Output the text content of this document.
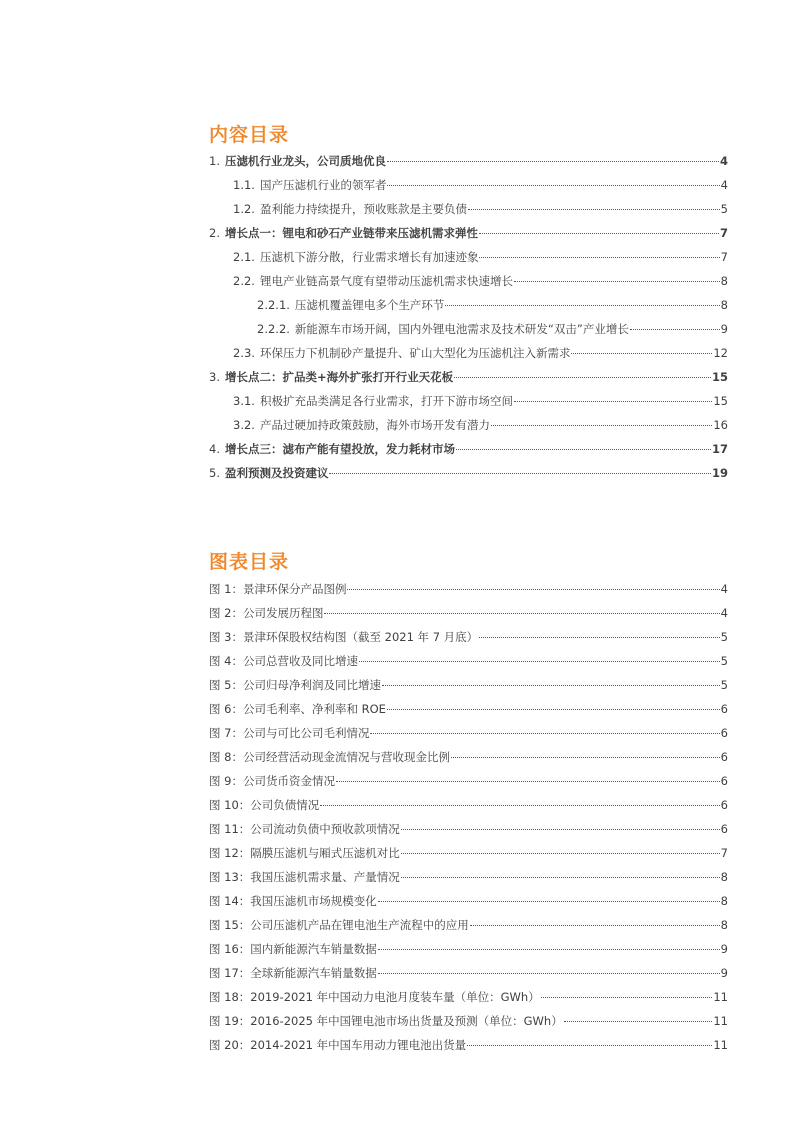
内容目录
1. 压滤机行业龙头，公司质地优良	4
1.1. 国产压滤机行业的领军者	4
1.2. 盈利能力持续提升，预收账款是主要负债	5
2. 增长点一：锂电和砂石产业链带来压滤机需求弹性	7
2.1. 压滤机下游分散，行业需求增长有加速迹象	7
2.2. 锂电产业链高景气度有望带动压滤机需求快速增长	8
2.2.1. 压滤机覆盖锂电多个生产环节	8
2.2.2. 新能源车市场开阔，国内外锂电池需求及技术研发“双击”产业增长	9
2.3. 环保压力下机制砂产量提升、矿山大型化为压滤机注入新需求	12
3. 增长点二：扩品类+海外扩张打开行业天花板	15
3.1. 积极扩充品类满足各行业需求，打开下游市场空间	15
3.2. 产品过硬加持政策鼓励，海外市场开发有潜力	16
4. 增长点三：滤布产能有望投放，发力耗材市场	17
5. 盈利预测及投资建议	19
图表目录
图 1：景津环保分产品图例	4
图 2：公司发展历程图	4
图 3：景津环保股权结构图（截至 2021 年 7 月底）	5
图 4：公司总营收及同比增速	5
图 5：公司归母净利润及同比增速	5
图 6：公司毛利率、净利率和 ROE	6
图 7：公司与可比公司毛利情况	6
图 8：公司经营活动现金流情况与营收现金比例	6
图 9：公司货币资金情况	6
图 10：公司负债情况	6
图 11：公司流动负债中预收款项情况	6
图 12：隔膜压滤机与厢式压滤机对比	7
图 13：我国压滤机需求量、产量情况	8
图 14：我国压滤机市场规模变化	8
图 15：公司压滤机产品在锂电池生产流程中的应用	8
图 16：国内新能源汽车销量数据	9
图 17：全球新能源汽车销量数据	9
图 18：2019-2021 年中国动力电池月度装车量（单位：GWh）	11
图 19：2016-2025 年中国锂电池市场出货量及预测（单位：GWh）	11
图 20：2014-2021 年中国车用动力锂电池出货量	11
